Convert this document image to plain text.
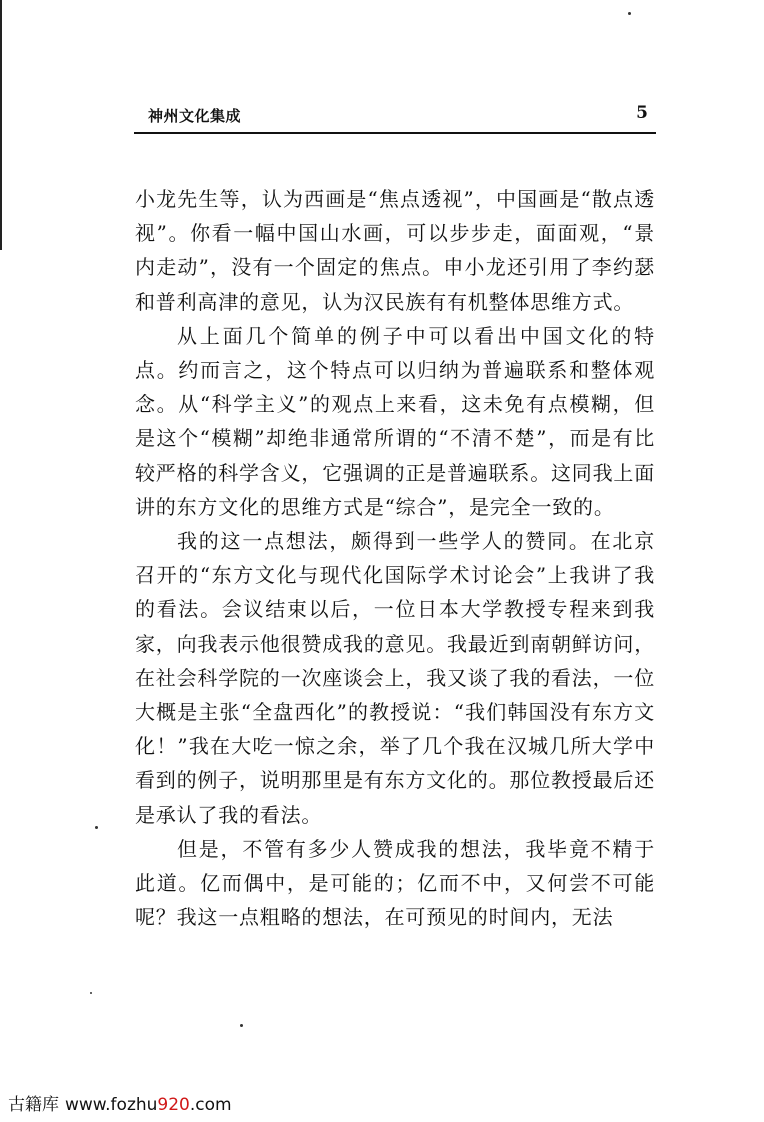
神州文化集成	5

小龙先生等，认为西画是“焦点透视”，中国画是“散点透视”。你看一幅中国山水画，可以步步走，面面观，“景内走动”，没有一个固定的焦点。申小龙还引用了李约瑟和普利高津的意见，认为汉民族有有机整体思维方式。

从上面几个简单的例子中可以看出中国文化的特点。约而言之，这个特点可以归纳为普遍联系和整体观念。从“科学主义”的观点上来看，这未免有点模糊，但是这个“模糊”却绝非通常所谓的“不清不楚”，而是有比较严格的科学含义，它强调的正是普遍联系。这同我上面讲的东方文化的思维方式是“综合”，是完全一致的。

我的这一点想法，颇得到一些学人的赞同。在北京召开的“东方文化与现代化国际学术讨论会”上我讲了我的看法。会议结束以后，一位日本大学教授专程来到我家，向我表示他很赞成我的意见。我最近到南朝鲜访问，在社会科学院的一次座谈会上，我又谈了我的看法，一位大概是主张“全盘西化”的教授说：“我们韩国没有东方文化！”我在大吃一惊之余，举了几个我在汉城几所大学中看到的例子，说明那里是有东方文化的。那位教授最后还是承认了我的看法。

但是，不管有多少人赞成我的想法，我毕竟不精于此道。亿而偶中，是可能的；亿而不中，又何尝不可能呢？我这一点粗略的想法，在可预见的时间内，无法

古籍库 www.fozhu920.com
